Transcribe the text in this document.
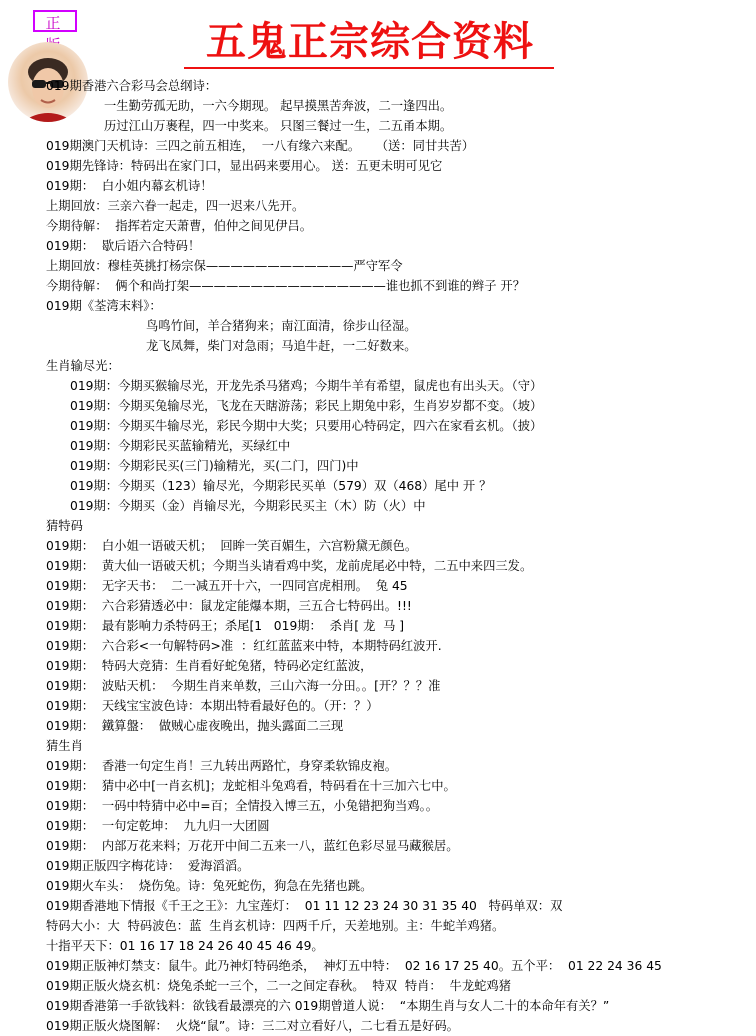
正	五鬼正宗综合资料
019期香港六合彩马会总纲诗：
一生勤劳孤无助，一六今期现。 起早摸黑苦奔波，二一逢四出。
历过江山万裹程，四一中奖来。 只图三餐过一生，二五甬本期。
019期澳门天机诗：三四之前五相连，  一八有缘六来配。    （送：同甘共苦）
019期先锋诗：特码出在家门口，显出码来要用心。 送：五更未明可见它
019期：  白小姐内幕玄机诗！
上期回放：三亲六眷一起走，四一迟来八先开。
今期待解：  指挥若定天萧曹，伯仲之间见伊吕。
019期：  歇后语六合特码！
上期回放：穆桂英挑打杨宗保————————————严守军令
今期待解：  俩个和尚打架————————————————谁也抓不到谁的辫子 开？
019期《荃湾末料》：
鸟鸣竹间，羊合猪狗来；南江面清，徐步山径湿。
龙飞凤舞，柴门对急雨；马追牛赶，一二好数来。
生肖输尽光：
019期：今期买猴输尽光，开龙先杀马猪鸡；今期牛羊有希望，鼠虎也有出头天。（守）
019期：今期买兔输尽光，飞龙在天瞎游荡；彩民上期兔中彩，生肖岁岁都不变。（坡）
019期：今期买牛输尽光，彩民今期中大奖；只要用心特码定，四六在家看玄机。（披）
019期：今期彩民买蓝输精光，买绿红中
019期：今期彩民买(三门)输精光，买(二门，四门)中
019期：今期买（123）输尽光，今期彩民买单（579）双（468）尾中 开 ？
019期：今期买（金）肖输尽光，今期彩民买主（木）防（火）中
猜特码
019期：  白小姐一语破天机；  回眸一笑百媚生，六宫粉黛无颜色。
019期：  黄大仙一语破天机；今期当头请看鸡中奖，龙前虎尾必中特，二五中来四三发。
019期：  无字天书：  二一减五开十六，一四同宫虎相刑。  兔 45
019期：  六合彩猜透必中：鼠龙定能爆本期，三五合七特码出。!!!
019期：  最有影响力杀特码王；杀尾[1   019期：  杀肖[ 龙  马 ]
019期：  六合彩<一句解特码>准  ：红红蓝蓝来中特，本期特码红波开.
019期：  特码大竞猜：生肖看好蛇兔猪，特码必定红蓝波，
019期：  波贴天机：  今期生肖来单数，三山六海一分田。。[开？？？准
019期：  天线宝宝波色诗：本期出特看最好色的。（开：？）
019期：  鐵算盤：  做贼心虚夜晚出，抛头露面二三现
猜生肖
019期：  香港一句定生肖！三九转出两路忙，身穿柔软锦皮袍。
019期：  猜中必中[一肖玄机]；龙蛇相斗兔鸡看，特码看在十三加六七中。
019期：  一码中特猜中必中=百；全情投入博三五，小兔错把狗当鸡。。
019期：  一句定乾坤：  九九归一大团圆
019期：  内部万花来料；万花开中间二五来一八，蓝红色彩尽显马藏猴居。
019期正版四字梅花诗：  爱海滔滔。
019期火车头：  烧伤兔。诗：兔死蛇伤，狗急在先猪也跳。
019期香港地下情报《千王之王》：九宝莲灯：  01 11 12 23 24 30 31 35 40   特码单双：双
特码大小：大  特码波色：蓝  生肖玄机诗：四两千斤，天差地别。主：牛蛇羊鸡猪。
十指平天下：01 16 17 18 24 26 40 45 46 49。
019期正版神灯禁支：鼠牛。此乃神灯特码绝杀，  神灯五中特：  02 16 17 25 40。五个平：  01 22 24 36 45
019期正版火烧玄机：烧兔杀蛇一三个，二一之间定春秋。  特双  特肖：  牛龙蛇鸡猪
019期香港第一手欲钱料：欲钱看最漂亮的六 019期曾道人说：  “本期生肖与女人二十的本命年有关？”
019期正版火烧图解：  火烧“鼠”。诗：三二对立看好八，二七看五是好码。
